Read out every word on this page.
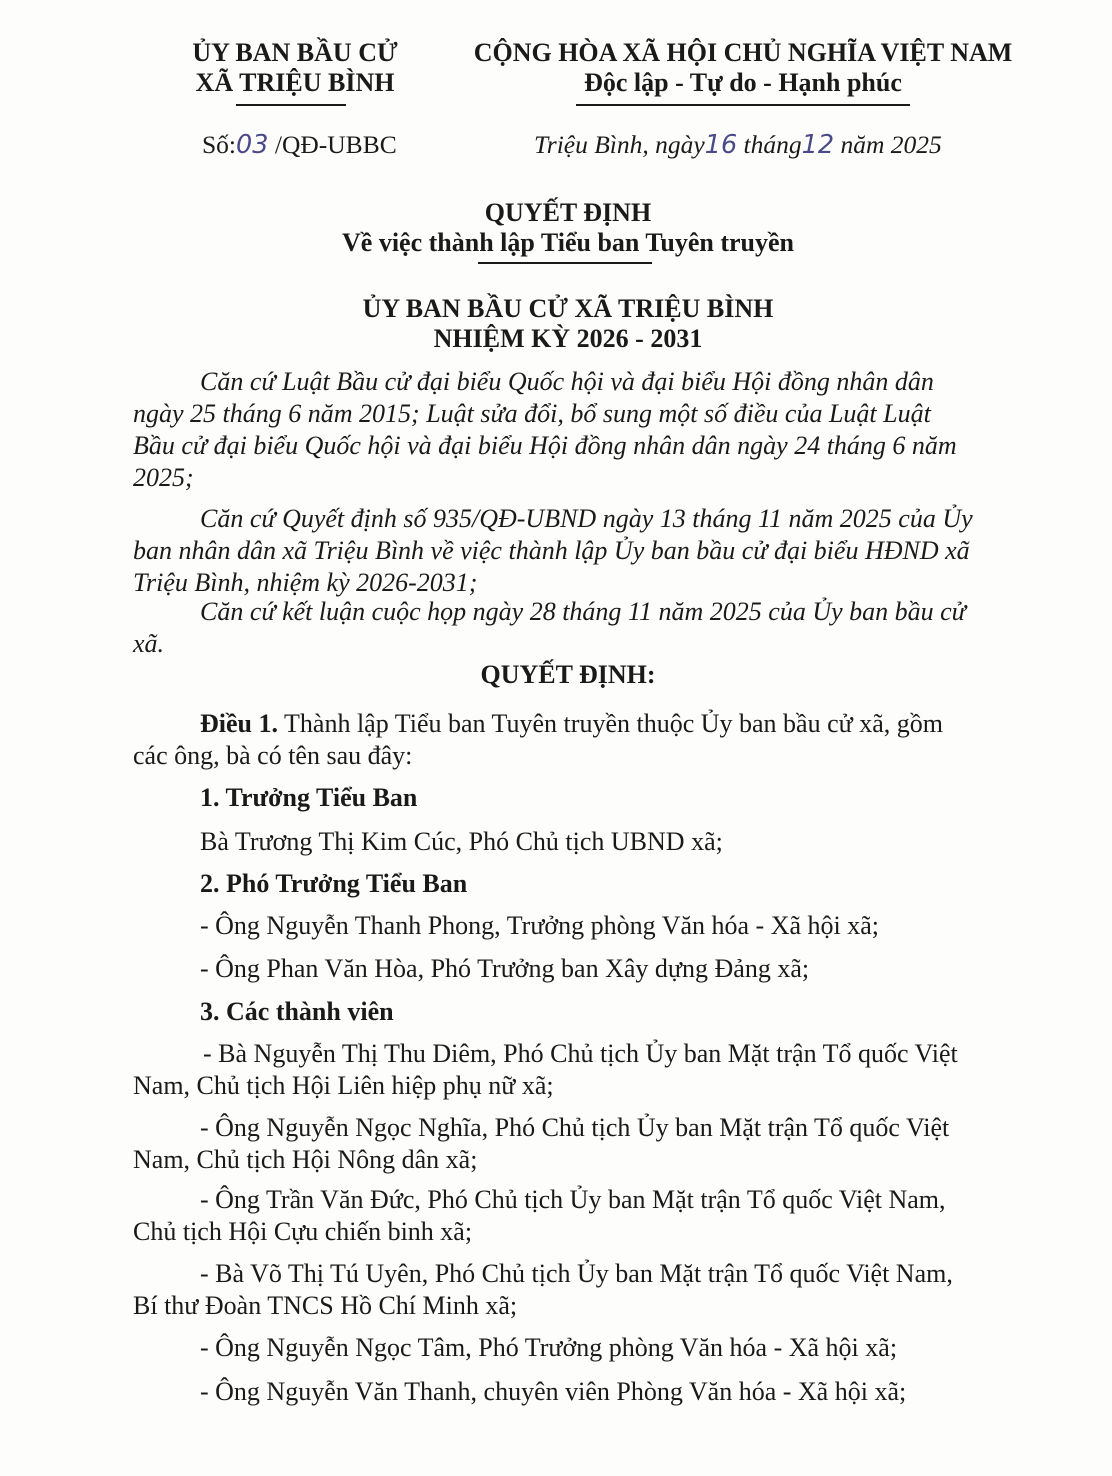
ỦY BAN BẦU CỬ
XÃ TRIỆU BÌNH
CỘNG HÒA XÃ HỘI CHỦ NGHĨA VIỆT NAM
Độc lập - Tự do - Hạnh phúc
Số:03 /QĐ-UBBC	Triệu Bình, ngày16 tháng12 năm 2025
QUYẾT ĐỊNH
Về việc thành lập Tiểu ban Tuyên truyền
ỦY BAN BẦU CỬ XÃ TRIỆU BÌNH
NHIỆM KỲ 2026 - 2031
Căn cứ Luật Bầu cử đại biểu Quốc hội và đại biểu Hội đồng nhân dân
ngày 25 tháng 6 năm 2015; Luật sửa đổi, bổ sung một số điều của Luật Luật
Bầu cử đại biểu Quốc hội và đại biểu Hội đồng nhân dân ngày 24 tháng 6 năm
2025;
Căn cứ Quyết định số 935/QĐ-UBND ngày 13 tháng 11 năm 2025 của Ủy
ban nhân dân xã Triệu Bình về việc thành lập Ủy ban bầu cử đại biểu HĐND xã
Triệu Bình, nhiệm kỳ 2026-2031;
Căn cứ kết luận cuộc họp ngày 28 tháng 11 năm 2025 của Ủy ban bầu cử
xã.
QUYẾT ĐỊNH:
Điều 1. Thành lập Tiểu ban Tuyên truyền thuộc Ủy ban bầu cử xã, gồm
các ông, bà có tên sau đây:
1. Trưởng Tiểu Ban
Bà Trương Thị Kim Cúc, Phó Chủ tịch UBND xã;
2. Phó Trưởng Tiểu Ban
- Ông Nguyễn Thanh Phong, Trưởng phòng Văn hóa - Xã hội xã;
- Ông Phan Văn Hòa, Phó Trưởng ban Xây dựng Đảng xã;
3. Các thành viên
- Bà Nguyễn Thị Thu Diêm, Phó Chủ tịch Ủy ban Mặt trận Tổ quốc Việt
Nam, Chủ tịch Hội Liên hiệp phụ nữ xã;
- Ông Nguyễn Ngọc Nghĩa, Phó Chủ tịch Ủy ban Mặt trận Tổ quốc Việt
Nam, Chủ tịch Hội Nông dân xã;
- Ông Trần Văn Đức, Phó Chủ tịch Ủy ban Mặt trận Tổ quốc Việt Nam,
Chủ tịch Hội Cựu chiến binh xã;
- Bà Võ Thị Tú Uyên, Phó Chủ tịch Ủy ban Mặt trận Tổ quốc Việt Nam,
Bí thư Đoàn TNCS Hồ Chí Minh xã;
- Ông Nguyễn Ngọc Tâm, Phó Trưởng phòng Văn hóa - Xã hội xã;
- Ông Nguyễn Văn Thanh, chuyên viên Phòng Văn hóa - Xã hội xã;
